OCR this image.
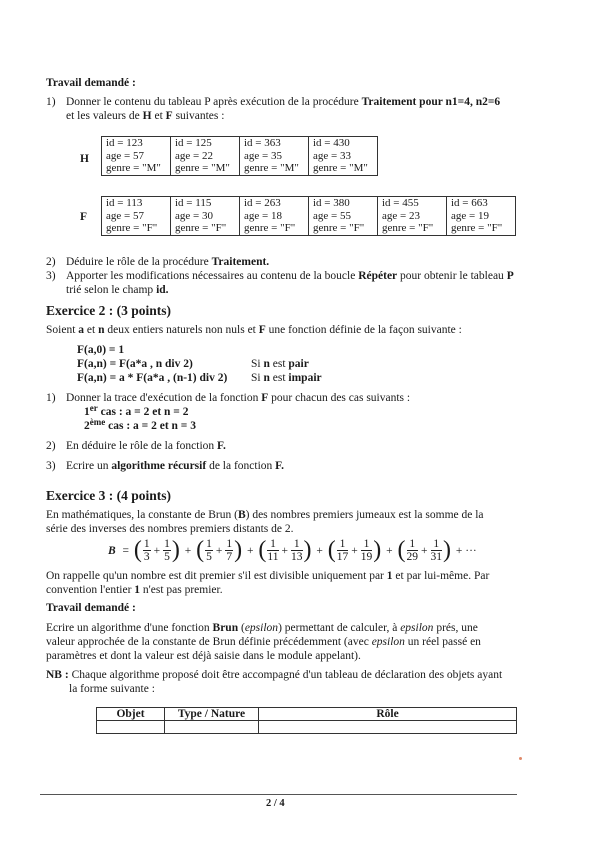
Travail demandé :
1) Donner le contenu du tableau P après exécution de la procédure Traitement pour n1=4, n2=6
et les valeurs de H et F suivantes :
H
id = 123
age = 57
genre = "M"

id = 125
age = 22
genre = "M"

id = 363
age = 35
genre = "M"

id = 430
age = 33
genre = "M"
F
id = 113
age = 57
genre = "F"

id = 115
age = 30
genre = "F"

id = 263
age = 18
genre = "F"

id = 380
age = 55
genre = "F"

id = 455
age = 23
genre = "F"

id = 663
age = 19
genre = "F"
2) Déduire le rôle de la procédure Traitement.
3) Apporter les modifications nécessaires au contenu de la boucle Répéter pour obtenir le tableau P
trié selon le champ id.
Exercice 2 : (3 points)
Soient a et n deux entiers naturels non nuls et F une fonction définie de la façon suivante :
F(a,0) = 1
F(a,n) = F(a*a , n div 2)
F(a,n) = a * F(a*a , (n-1) div 2)
Si n est pair
Si n est impair
1) Donner la trace d'exécution de la fonction F pour chacun des cas suivants :
1er cas : a = 2 et n = 2
2ème cas : a = 2 et n = 3
2) En déduire le rôle de la fonction F.
3) Ecrire un algorithme récursif de la fonction F.
Exercice 3 : (4 points)
En mathématiques, la constante de Brun (B) des nombres premiers jumeaux est la somme de la
série des inverses des nombres premiers distants de 2.
B = ( $\frac{1}{3} + \frac{1}{5}$ ) + ( $\frac{1}{5} + \frac{1}{7}$ ) + ( $\frac{1}{11} + \frac{1}{13}$ ) + ( $\frac{1}{17} + \frac{1}{19}$ ) + ( $\frac{1}{29} + \frac{1}{31}$ ) + ···
On rappelle qu'un nombre est dit premier s'il est divisible uniquement par 1 et par lui-même. Par
convention l'entier 1 n'est pas premier.
Travail demandé :
Ecrire un algorithme d'une fonction Brun (epsilon) permettant de calculer, à epsilon prés, une
valeur approchée de la constante de Brun définie précédemment (avec epsilon un réel passé en
paramètres et dont la valeur est déjà saisie dans le module appelant).
NB : Chaque algorithme proposé doit être accompagné d'un tableau de déclaration des objets ayant
la forme suivante :
Objet	Type / Nature	Rôle

2 / 4
